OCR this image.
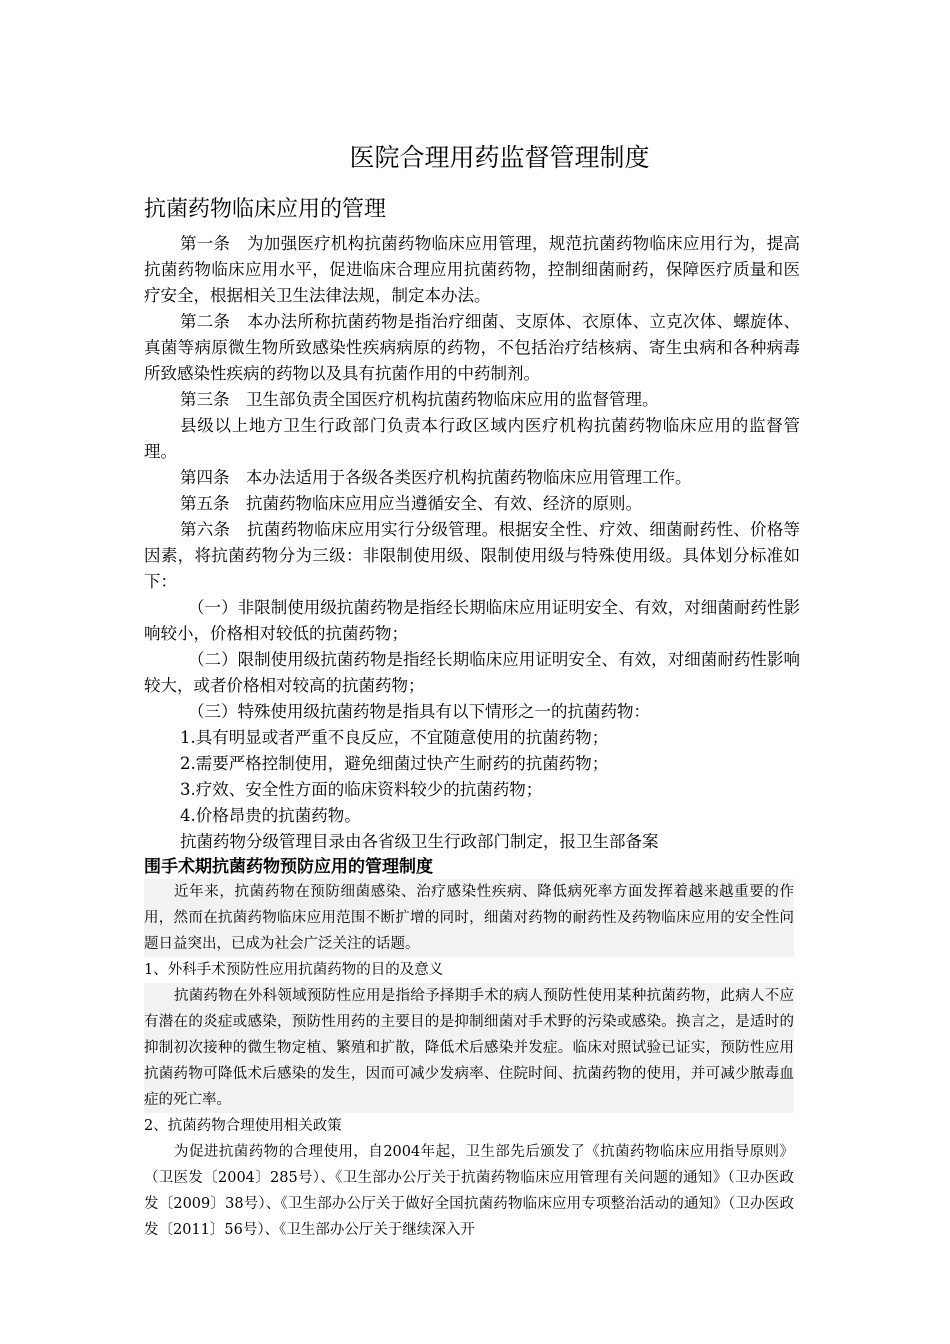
医院合理用药监督管理制度
抗菌药物临床应用的管理

第一条　为加强医疗机构抗菌药物临床应用管理，规范抗菌药物临床应用行为，提高抗菌药物临床应用水平，促进临床合理应用抗菌药物，控制细菌耐药，保障医疗质量和医疗安全，根据相关卫生法律法规，制定本办法。

第二条　本办法所称抗菌药物是指治疗细菌、支原体、衣原体、立克次体、螺旋体、真菌等病原微生物所致感染性疾病病原的药物，不包括治疗结核病、寄生虫病和各种病毒所致感染性疾病的药物以及具有抗菌作用的中药制剂。

第三条　卫生部负责全国医疗机构抗菌药物临床应用的监督管理。

县级以上地方卫生行政部门负责本行政区域内医疗机构抗菌药物临床应用的监督管理。

第四条　本办法适用于各级各类医疗机构抗菌药物临床应用管理工作。

第五条　抗菌药物临床应用应当遵循安全、有效、经济的原则。

第六条　抗菌药物临床应用实行分级管理。根据安全性、疗效、细菌耐药性、价格等因素，将抗菌药物分为三级：非限制使用级、限制使用级与特殊使用级。具体划分标准如下：

（一）非限制使用级抗菌药物是指经长期临床应用证明安全、有效，对细菌耐药性影响较小，价格相对较低的抗菌药物；

（二）限制使用级抗菌药物是指经长期临床应用证明安全、有效，对细菌耐药性影响较大，或者价格相对较高的抗菌药物；

（三）特殊使用级抗菌药物是指具有以下情形之一的抗菌药物：

1.具有明显或者严重不良反应，不宜随意使用的抗菌药物；

2.需要严格控制使用，避免细菌过快产生耐药的抗菌药物；

3.疗效、安全性方面的临床资料较少的抗菌药物；

4.价格昂贵的抗菌药物。

抗菌药物分级管理目录由各省级卫生行政部门制定，报卫生部备案

围手术期抗菌药物预防应用的管理制度

近年来，抗菌药物在预防细菌感染、治疗感染性疾病、降低病死率方面发挥着越来越重要的作用，然而在抗菌药物临床应用范围不断扩增的同时，细菌对药物的耐药性及药物临床应用的安全性问题日益突出，已成为社会广泛关注的话题。

1、外科手术预防性应用抗菌药物的目的及意义

抗菌药物在外科领域预防性应用是指给予择期手术的病人预防性使用某种抗菌药物，此病人不应有潜在的炎症或感染，预防性用药的主要目的是抑制细菌对手术野的污染或感染。换言之，是适时的抑制初次接种的微生物定植、繁殖和扩散，降低术后感染并发症。临床对照试验已证实，预防性应用抗菌药物可降低术后感染的发生，因而可减少发病率、住院时间、抗菌药物的使用，并可减少脓毒血症的死亡率。

2、抗菌药物合理使用相关政策

为促进抗菌药物的合理使用，自2004年起，卫生部先后颁发了《抗菌药物临床应用指导原则》（卫医发〔2004〕285号）、《卫生部办公厅关于抗菌药物临床应用管理有关问题的通知》（卫办医政发〔2009〕38号）、《卫生部办公厅关于做好全国抗菌药物临床应用专项整治活动的通知》（卫办医政发〔2011〕56号）、《卫生部办公厅关于继续深入开
